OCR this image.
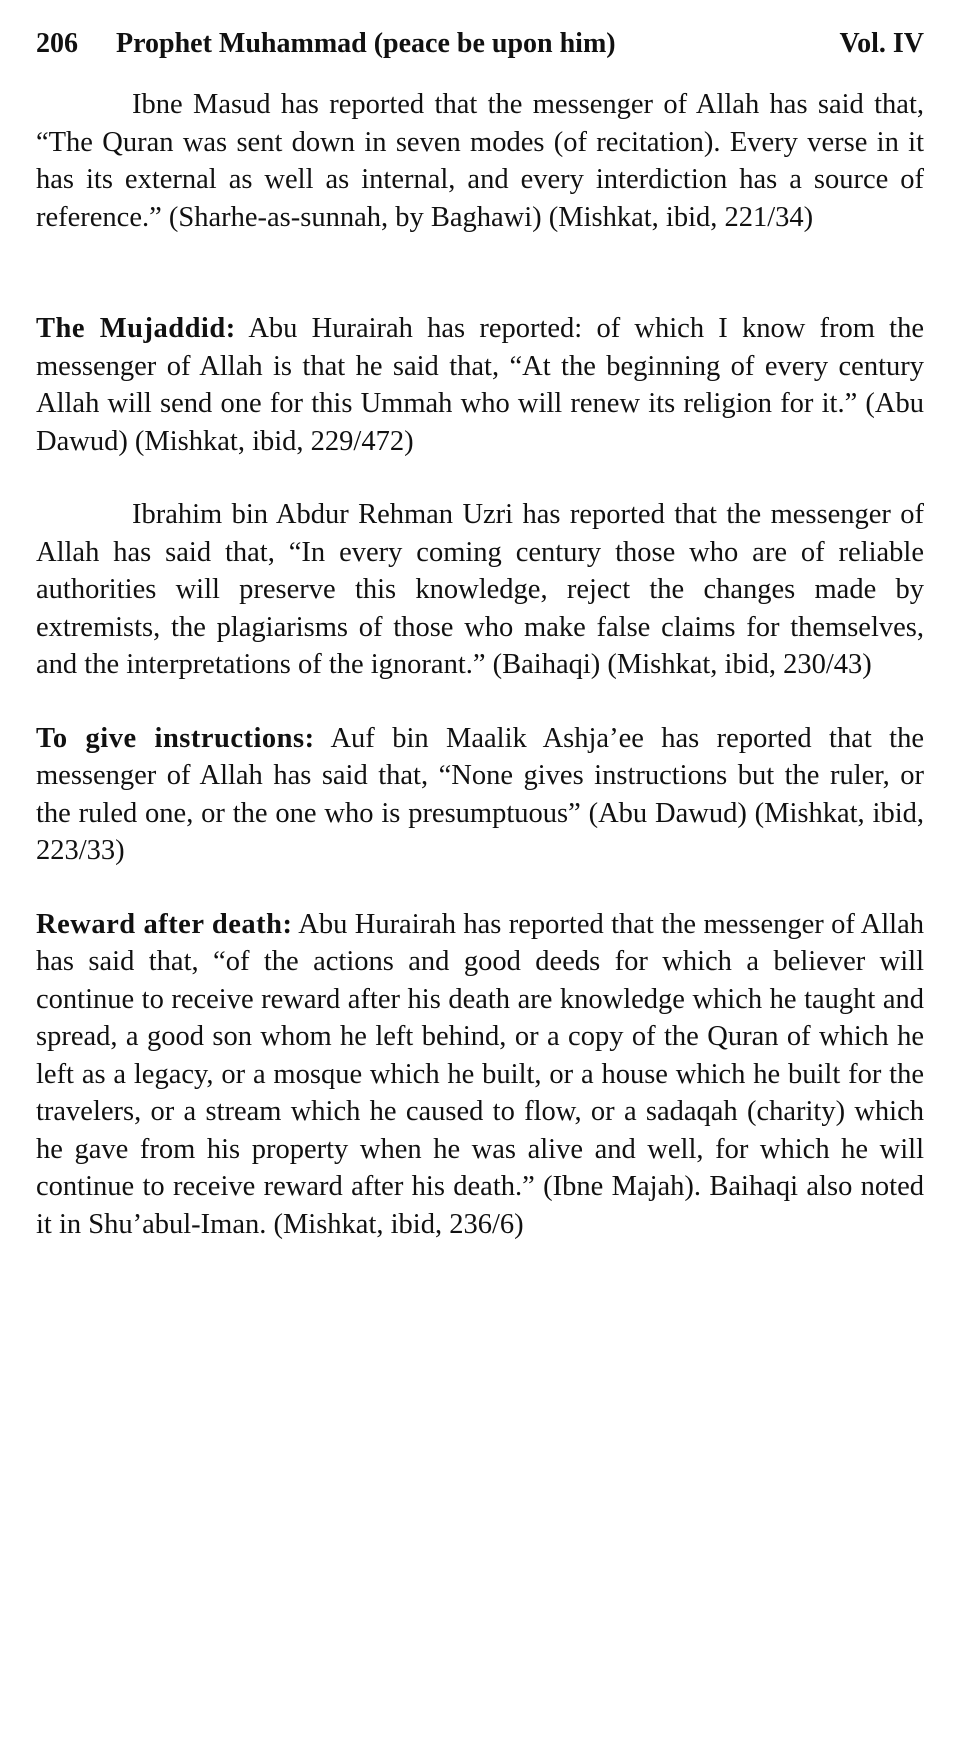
206 Prophet Muhammad (peace be upon him)	Vol. IV

Ibne Masud has reported that the messenger of Allah has said that, “The Quran was sent down in seven modes (of recitation). Every verse in it has its external as well as internal, and every interdiction has a source of reference.” (Sharhe-as-sunnah, by Baghawi) (Mishkat, ibid, 221/34)

The Mujaddid: Abu Hurairah has reported: of which I know from the messenger of Allah is that he said that, “At the beginning of every century Allah will send one for this Ummah who will renew its religion for it.” (Abu Dawud) (Mishkat, ibid, 229/472)

Ibrahim bin Abdur Rehman Uzri has reported that the messenger of Allah has said that, “In every coming century those who are of reliable authorities will preserve this knowledge, reject the changes made by extremists, the plagiarisms of those who make false claims for themselves, and the interpretations of the ignorant.” (Baihaqi) (Mishkat, ibid, 230/43)

To give instructions: Auf bin Maalik Ashja’ee has reported that the messenger of Allah has said that, “None gives instructions but the ruler, or the ruled one, or the one who is presumptuous” (Abu Dawud) (Mishkat, ibid, 223/33)

Reward after death: Abu Hurairah has reported that the messenger of Allah has said that, “of the actions and good deeds for which a believer will continue to receive reward after his death are knowledge which he taught and spread, a good son whom he left behind, or a copy of the Quran of which he left as a legacy, or a mosque which he built, or a house which he built for the travelers, or a stream which he caused to flow, or a sadaqah (charity) which he gave from his property when he was alive and well, for which he will continue to receive reward after his death.” (Ibne Majah). Baihaqi also noted it in Shu’abul-Iman. (Mishkat, ibid, 236/6)
